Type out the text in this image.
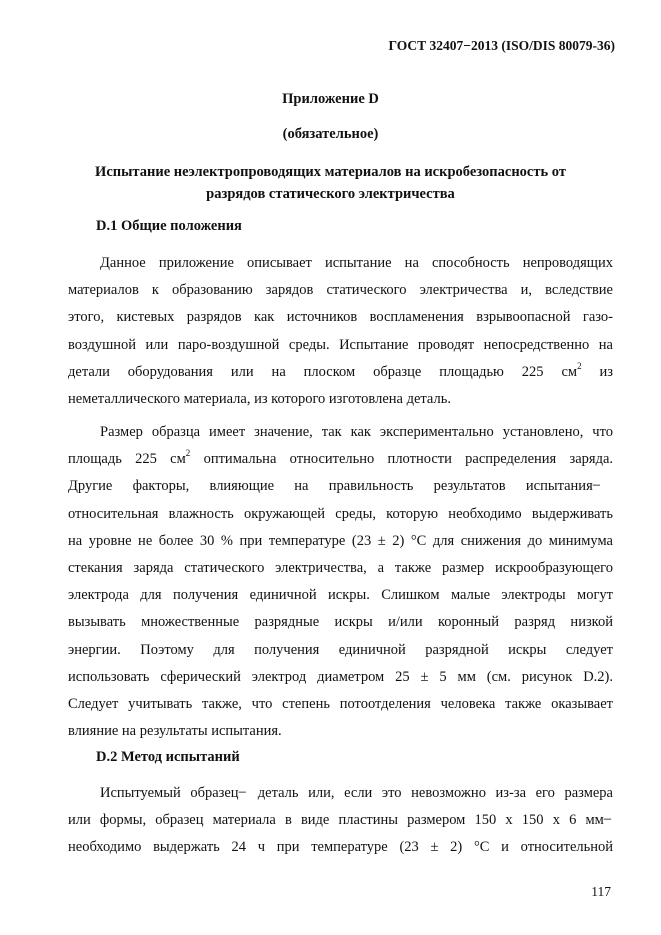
ГОСТ 32407−2013 (ISO/DIS 80079-36)
Приложение D
(обязательное)
Испытание неэлектропроводящих материалов на искробезопасность от
разрядов статического электричества
D.1 Общие положения
Данное приложение описывает испытание на способность непроводящих
материалов к образованию зарядов статического электричества и, вследствие
этого, кистевых разрядов как источников воспламенения взрывоопасной газо-
воздушной или паро-воздушной среды. Испытание проводят непосредственно на
детали оборудования или на плоском образце площадью 225 $см^2$ из
неметаллического материала, из которого изготовлена деталь.
Размер образца имеет значение, так как экспериментально установлено, что
площадь 225 $см^2$ оптимальна относительно плотности распределения заряда.
Другие факторы, влияющие на правильность результатов испытания ̶
относительная влажность окружающей среды, которую необходимо выдерживать
на уровне не более 30 % при температуре (23 ± 2) °С для снижения до минимума
стекания заряда статического электричества, а также размер искрообразующего
электрода для получения единичной искры. Слишком малые электроды могут
вызывать множественные разрядные искры и/или коронный разряд низкой
энергии. Поэтому для получения единичной разрядной искры следует
использовать сферический электрод диаметром 25 ± 5 мм (см. рисунок D.2).
Следует учитывать также, что степень потоотделения человека также оказывает
влияние на результаты испытания.
D.2 Метод испытаний
Испытуемый образец ̶ деталь или, если это невозможно из-за его размера
или формы, образец материала в виде пластины размером 150 х 150 х 6 мм ̶
необходимо выдержать 24 ч при температуре (23 ± 2) °С и относительной
117
